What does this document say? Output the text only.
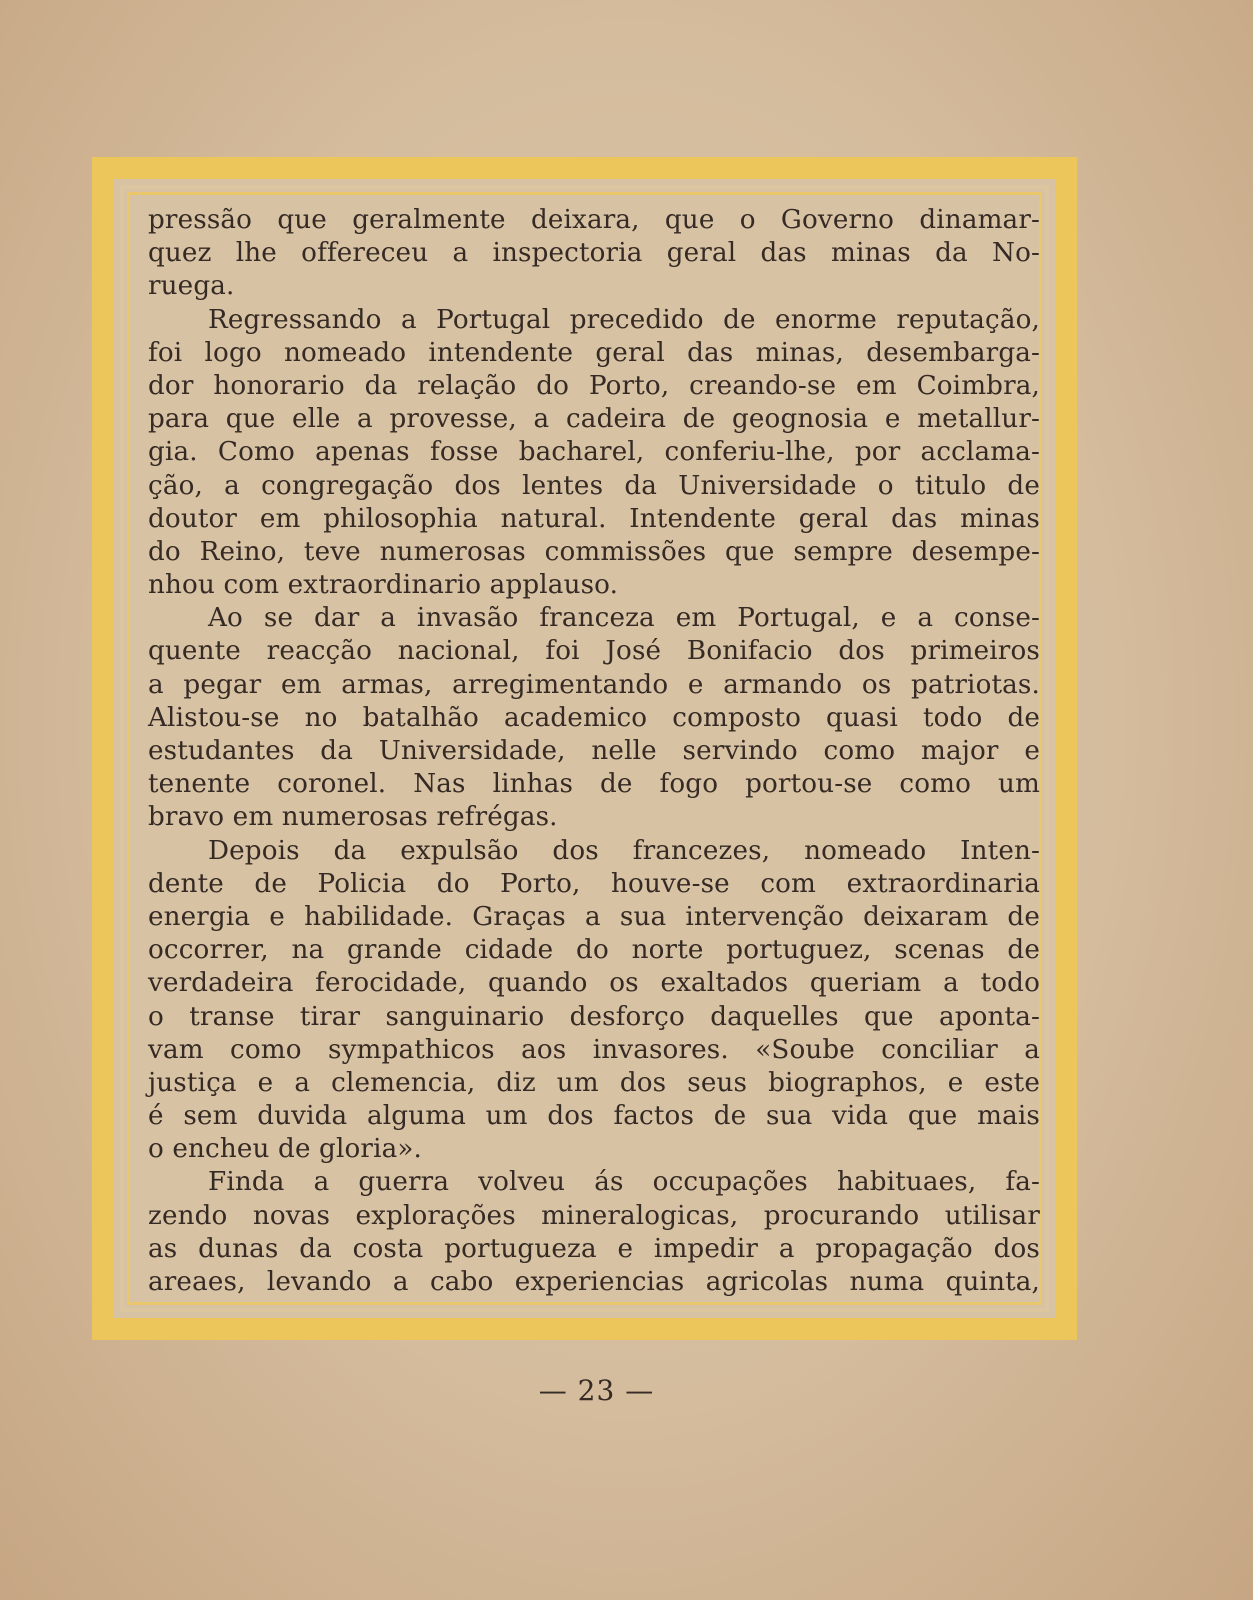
pressão que geralmente deixara, que o Governo dinamar-
quez lhe offereceu a inspectoria geral das minas da No-
ruega.
Regressando a Portugal precedido de enorme reputação,
foi logo nomeado intendente geral das minas, desembarga-
dor honorario da relação do Porto, creando-se em Coimbra,
para que elle a provesse, a cadeira de geognosia e metallur-
gia. Como apenas fosse bacharel, conferiu-lhe, por acclama-
ção, a congregação dos lentes da Universidade o titulo de
doutor em philosophia natural. Intendente geral das minas
do Reino, teve numerosas commissões que sempre desempe-
nhou com extraordinario applauso.
Ao se dar a invasão franceza em Portugal, e a conse-
quente reacção nacional, foi José Bonifacio dos primeiros
a pegar em armas, arregimentando e armando os patriotas.
Alistou-se no batalhão academico composto quasi todo de
estudantes da Universidade, nelle servindo como major e
tenente coronel. Nas linhas de fogo portou-se como um
bravo em numerosas refrégas.
Depois da expulsão dos francezes, nomeado Inten-
dente de Policia do Porto, houve-se com extraordinaria
energia e habilidade. Graças a sua intervenção deixaram de
occorrer, na grande cidade do norte portuguez, scenas de
verdadeira ferocidade, quando os exaltados queriam a todo
o transe tirar sanguinario desforço daquelles que aponta-
vam como sympathicos aos invasores. «Soube conciliar a
justiça e a clemencia, diz um dos seus biographos, e este
é sem duvida alguma um dos factos de sua vida que mais
o encheu de gloria».
Finda a guerra volveu ás occupações habituaes, fa-
zendo novas explorações mineralogicas, procurando utilisar
as dunas da costa portugueza e impedir a propagação dos
areaes, levando a cabo experiencias agricolas numa quinta,
— 23 —
